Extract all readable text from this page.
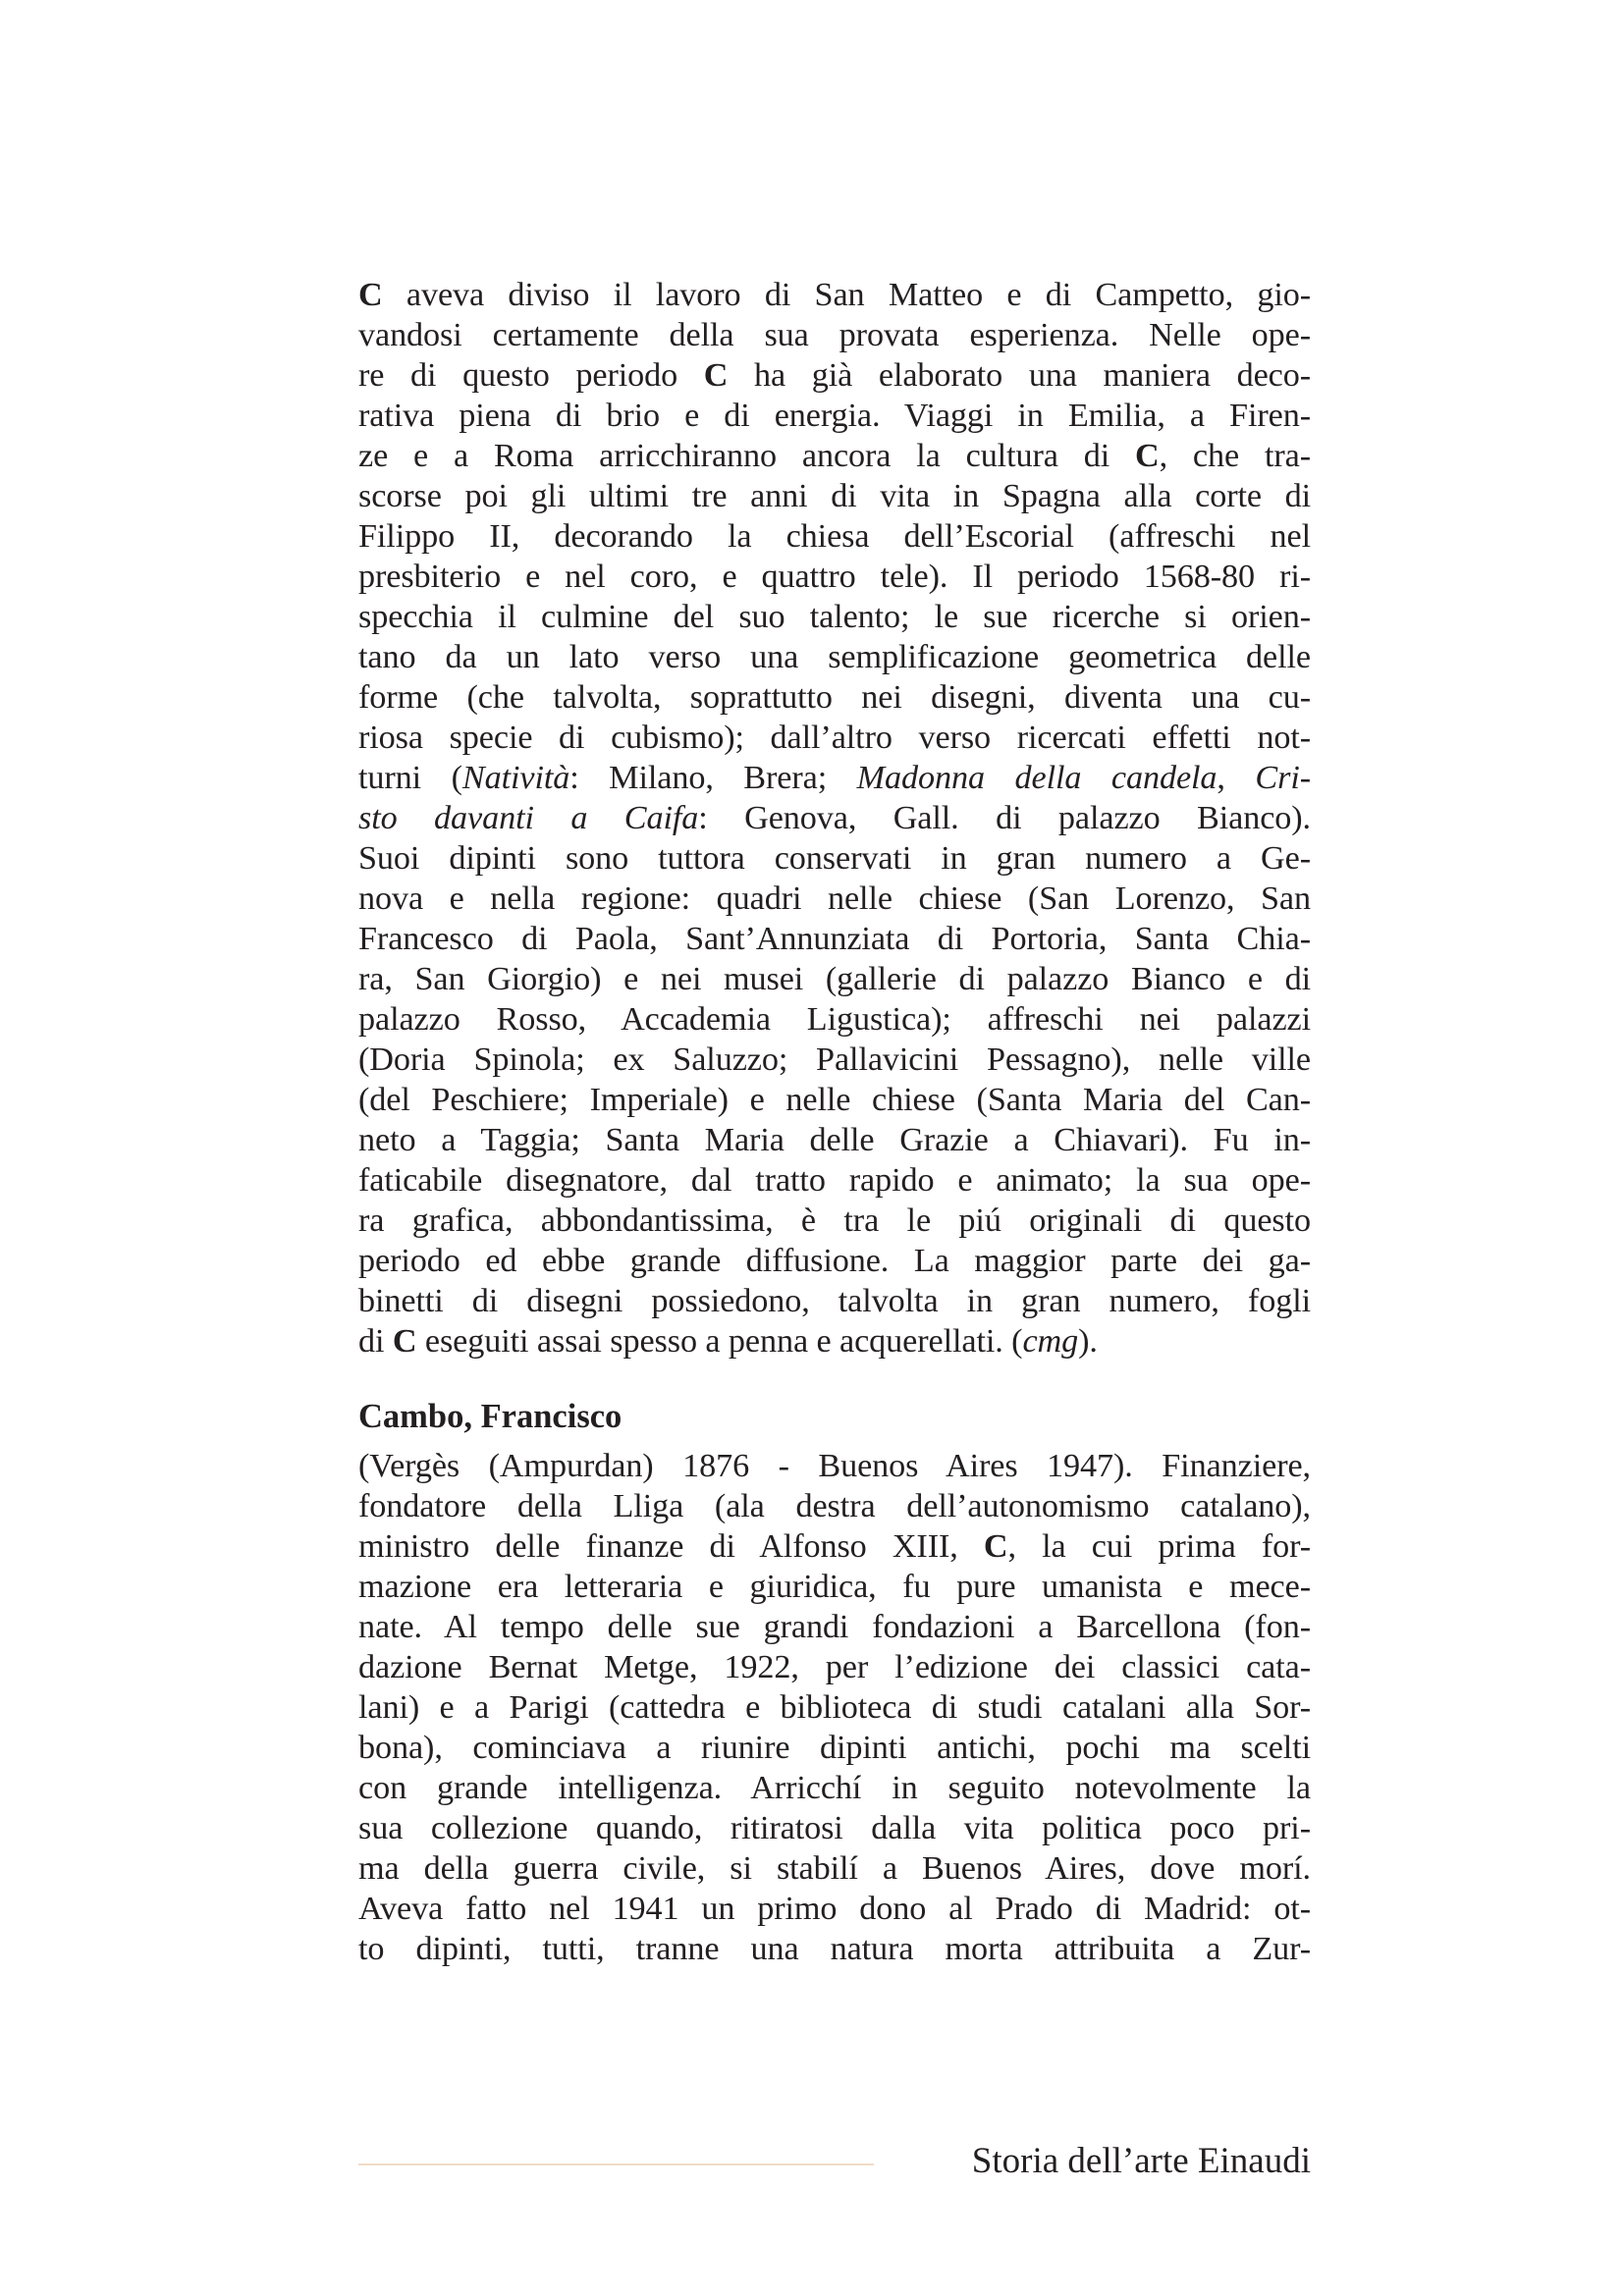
C aveva diviso il lavoro di San Matteo e di Campetto, gio-
vandosi certamente della sua provata esperienza. Nelle ope-
re di questo periodo C ha già elaborato una maniera deco-
rativa piena di brio e di energia. Viaggi in Emilia, a Firen-
ze e a Roma arricchiranno ancora la cultura di C, che tra-
scorse poi gli ultimi tre anni di vita in Spagna alla corte di
Filippo II, decorando la chiesa dell’Escorial (affreschi nel
presbiterio e nel coro, e quattro tele). Il periodo 1568-80 ri-
specchia il culmine del suo talento; le sue ricerche si orien-
tano da un lato verso una semplificazione geometrica delle
forme (che talvolta, soprattutto nei disegni, diventa una cu-
riosa specie di cubismo); dall’altro verso ricercati effetti not-
turni (Natività: Milano, Brera; Madonna della candela, Cri-
sto davanti a Caifa: Genova, Gall. di palazzo Bianco).
Suoi dipinti sono tuttora conservati in gran numero a Ge-
nova e nella regione: quadri nelle chiese (San Lorenzo, San
Francesco di Paola, Sant’Annunziata di Portoria, Santa Chia-
ra, San Giorgio) e nei musei (gallerie di palazzo Bianco e di
palazzo Rosso, Accademia Ligustica); affreschi nei palazzi
(Doria Spinola; ex Saluzzo; Pallavicini Pessagno), nelle ville
(del Peschiere; Imperiale) e nelle chiese (Santa Maria del Can-
neto a Taggia; Santa Maria delle Grazie a Chiavari). Fu in-
faticabile disegnatore, dal tratto rapido e animato; la sua ope-
ra grafica, abbondantissima, è tra le piú originali di questo
periodo ed ebbe grande diffusione. La maggior parte dei ga-
binetti di disegni possiedono, talvolta in gran numero, fogli
di C eseguiti assai spesso a penna e acquerellati. (cmg).
Cambo, Francisco
(Vergès (Ampurdan) 1876 - Buenos Aires 1947). Finanziere,
fondatore della Lliga (ala destra dell’autonomismo catalano),
ministro delle finanze di Alfonso XIII, C, la cui prima for-
mazione era letteraria e giuridica, fu pure umanista e mece-
nate. Al tempo delle sue grandi fondazioni a Barcellona (fon-
dazione Bernat Metge, 1922, per l’edizione dei classici cata-
lani) e a Parigi (cattedra e biblioteca di studi catalani alla Sor-
bona), cominciava a riunire dipinti antichi, pochi ma scelti
con grande intelligenza. Arricchí in seguito notevolmente la
sua collezione quando, ritiratosi dalla vita politica poco pri-
ma della guerra civile, si stabilí a Buenos Aires, dove morí.
Aveva fatto nel 1941 un primo dono al Prado di Madrid: ot-
to dipinti, tutti, tranne una natura morta attribuita a Zur-
Storia dell’arte Einaudi
